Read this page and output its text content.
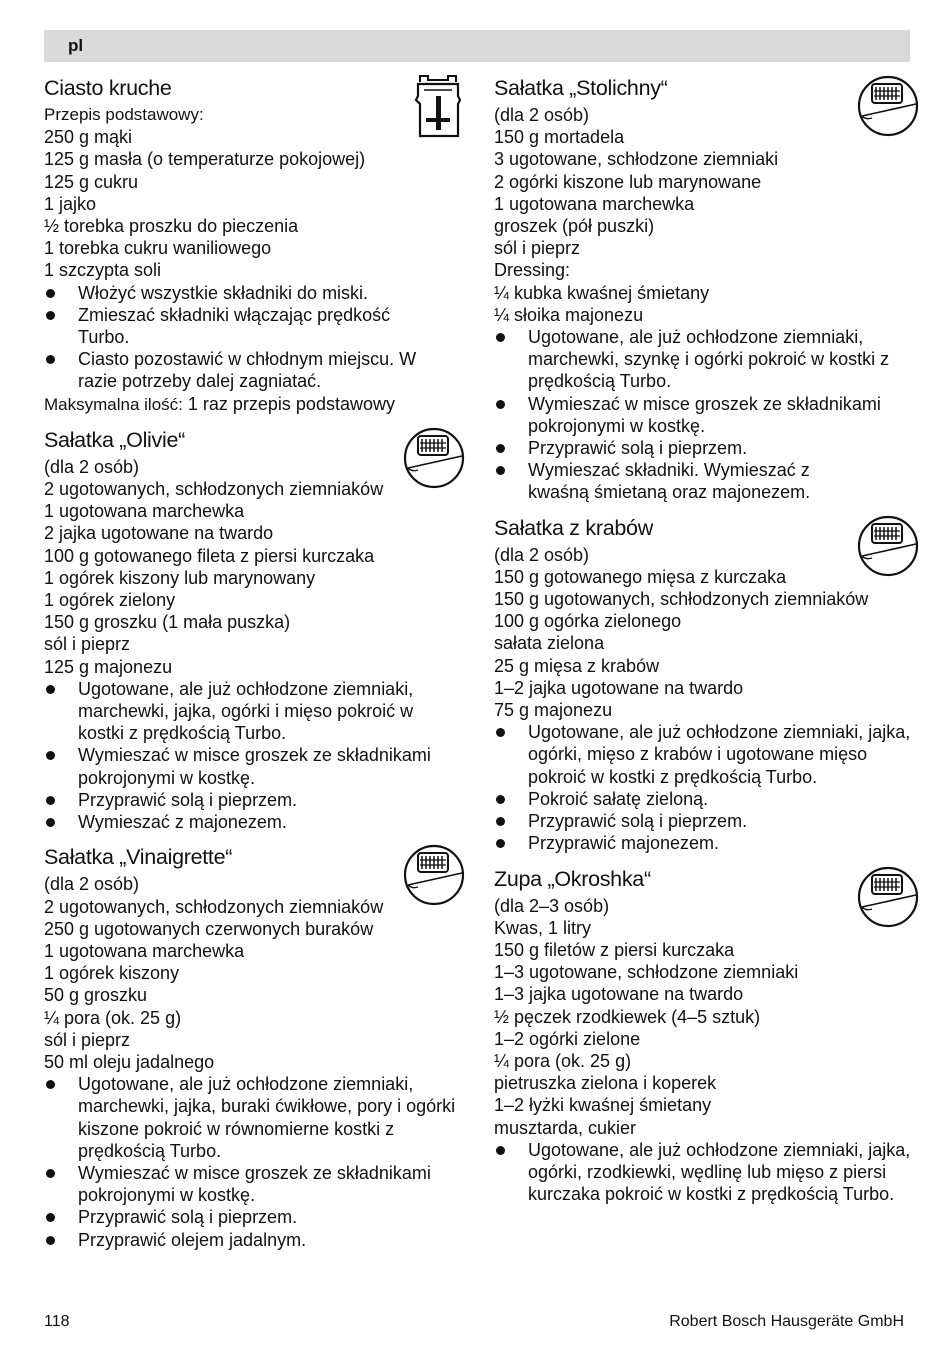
pl
Ciasto kruche
Przepis podstawowy:
250 g mąki
125 g masła (o temperaturze pokojowej)
125 g cukru
1 jajko
½ torebka proszku do pieczenia
1 torebka cukru waniliowego
1 szczypta soli
Włożyć wszystkie składniki do miski.
Zmieszać składniki włączając prędkość Turbo.
Ciasto pozostawić w chłodnym miejscu. W razie potrzeby dalej zagniatać.
Maksymalna ilość: 1 raz przepis podstawowy
Sałatka „Olivie“
(dla 2 osób)
2 ugotowanych, schłodzonych ziemniaków
1 ugotowana marchewka
2 jajka ugotowane na twardo
100 g gotowanego fileta z piersi kurczaka
1 ogórek kiszony lub marynowany
1 ogórek zielony
150 g groszku (1 mała puszka)
sól i pieprz
125 g majonezu
Ugotowane, ale już ochłodzone ziemniaki, marchewki, jajka, ogórki i mięso pokroić w kostki z prędkością Turbo.
Wymieszać w misce groszek ze składnikami pokrojonymi w kostkę.
Przyprawić solą i pieprzem.
Wymieszać z majonezem.
Sałatka „Vinaigrette“
(dla 2 osób)
2 ugotowanych, schłodzonych ziemniaków
250 g ugotowanych czerwonych buraków
1 ugotowana marchewka
1 ogórek kiszony
50 g groszku
¼ pora (ok. 25 g)
sól i pieprz
50 ml oleju jadalnego
Ugotowane, ale już ochłodzone ziemniaki, marchewki, jajka, buraki ćwikłowe, pory i ogórki kiszone pokroić w równomierne kostki z prędkością Turbo.
Wymieszać w misce groszek ze składnikami pokrojonymi w kostkę.
Przyprawić solą i pieprzem.
Przyprawić olejem jadalnym.
Sałatka „Stolichny“
(dla 2 osób)
150 g mortadela
3 ugotowane, schłodzone ziemniaki
2 ogórki kiszone lub marynowane
1 ugotowana marchewka
groszek (pół puszki)
sól i pieprz
Dressing:
¼ kubka kwaśnej śmietany
¼ słoika majonezu
Ugotowane, ale już ochłodzone ziemniaki, marchewki, szynkę i ogórki pokroić w kostki z prędkością Turbo.
Wymieszać w misce groszek ze składnikami pokrojonymi w kostkę.
Przyprawić solą i pieprzem.
Wymieszać składniki. Wymieszać z kwaśną śmietaną oraz majonezem.
Sałatka z krabów
(dla 2 osób)
150 g gotowanego mięsa z kurczaka
150 g ugotowanych, schłodzonych ziemniaków
100 g ogórka zielonego
sałata zielona
25 g mięsa z krabów
1–2 jajka ugotowane na twardo
75 g majonezu
Ugotowane, ale już ochłodzone ziemniaki, jajka, ogórki, mięso z krabów i ugotowane mięso pokroić w kostki z prędkością Turbo.
Pokroić sałatę zieloną.
Przyprawić solą i pieprzem.
Przyprawić majonezem.
Zupa „Okroshka“
(dla 2–3 osób)
Kwas, 1 litry
150 g filetów z piersi kurczaka
1–3 ugotowane, schłodzone ziemniaki
1–3 jajka ugotowane na twardo
½ pęczek rzodkiewek (4–5 sztuk)
1–2 ogórki zielone
¼ pora (ok. 25 g)
pietruszka zielona i koperek
1–2 łyżki kwaśnej śmietany
musztarda, cukier
Ugotowane, ale już ochłodzone ziemniaki, jajka, ogórki, rzodkiewki, wędlinę lub mięso z piersi kurczaka pokroić w kostki z prędkością Turbo.
118	Robert Bosch Hausgeräte GmbH
